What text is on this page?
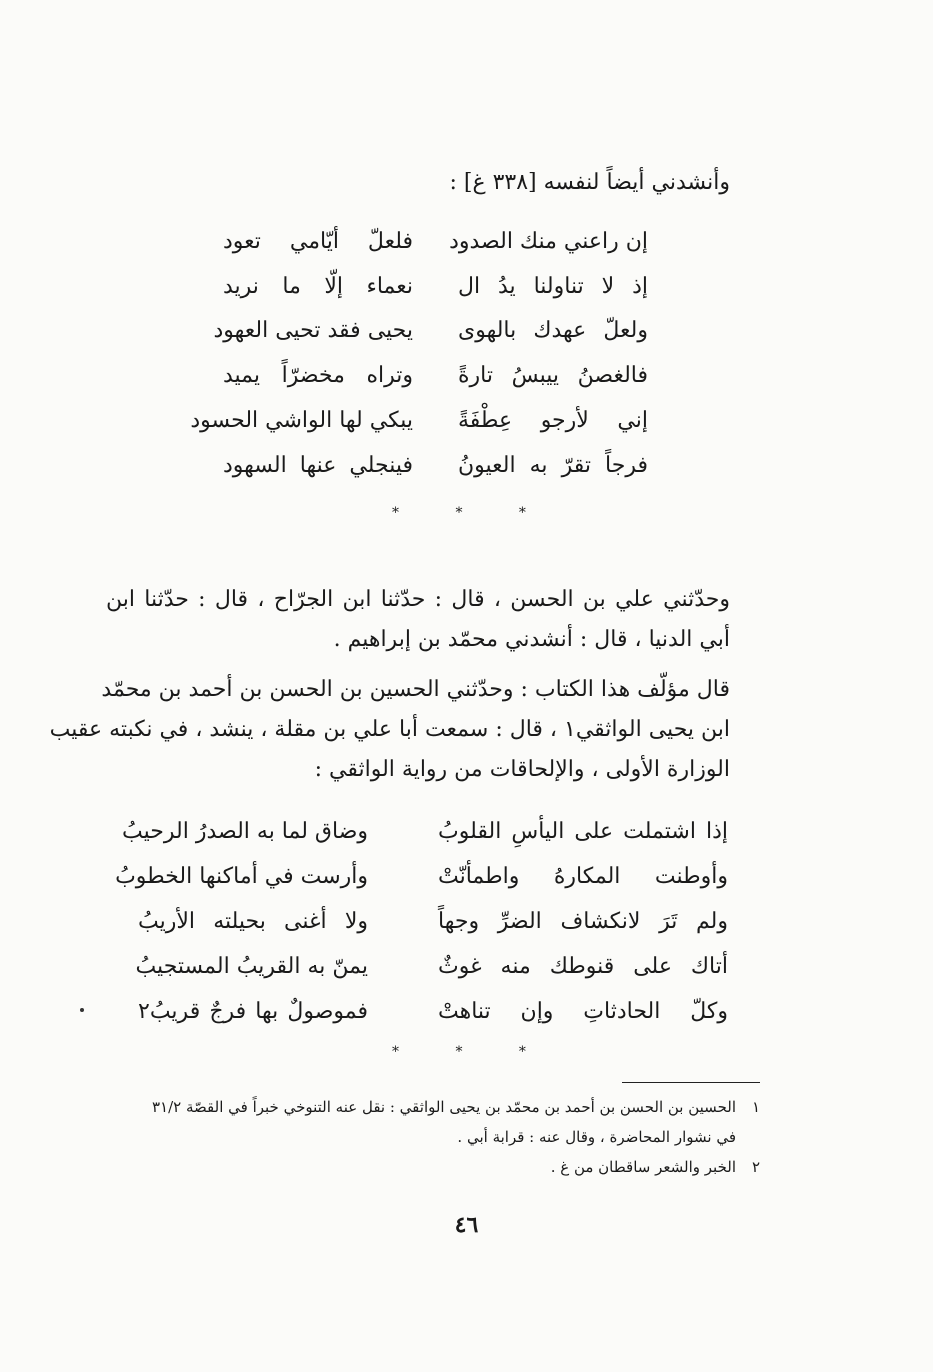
وأنشدني أيضاً لنفسه [٣٣٨ غ] :
إن راعني منك الصدود
فلعلّ أيّامي تعود
إذ لا تناولنا يدُ ال
نعماء إلّا ما نريد
ولعلّ عهدك بالهوى
يحيى فقد تحيى العهود
فالغصنُ ييبسُ تارةً
وتراه مخضرّاً يميد
إني لأرجو عِطْفَةً
يبكي لها الواشي الحسود
فرجاً تقرّ به العيونُ
فينجلي عنها السهود
* * *
وحدّثني علي بن الحسن ، قال : حدّثنا ابن الجرّاح ، قال : حدّثنا ابن
أبي الدنيا ، قال : أنشدني محمّد بن إبراهيم .
قال مؤلّف هذا الكتاب : وحدّثني الحسين بن الحسن بن أحمد بن محمّد
ابن يحيى الواثقي١ ، قال : سمعت أبا علي بن مقلة ، ينشد ، في نكبته عقيب
الوزارة الأولى ، والإلحاقات من رواية الواثقي :
إذا اشتملت على اليأسِ القلوبُ
وضاق لما به الصدرُ الرحيبُ
وأوطنت المكارهُ واطمأنّتْ
وأرست في أماكنها الخطوبُ
ولم تَرَ لانكشاف الضرِّ وجهاً
ولا أغنى بحيلته الأريبُ
أتاك على قنوطك منه غوثٌ
يمنّ به القريبُ المستجيبُ
وكلّ الحادثاتِ وإن تناهتْ
فموصولٌ بها فرجٌ قريبُ٢
* * *
١
الحسين بن الحسن بن أحمد بن محمّد بن يحيى الواثقي : نقل عنه التنوخي خبراً في القصّة ٣١/٢
في نشوار المحاضرة ، وقال عنه : قرابة أبي .
٢
الخبر والشعر ساقطان من غ .
٤٦
